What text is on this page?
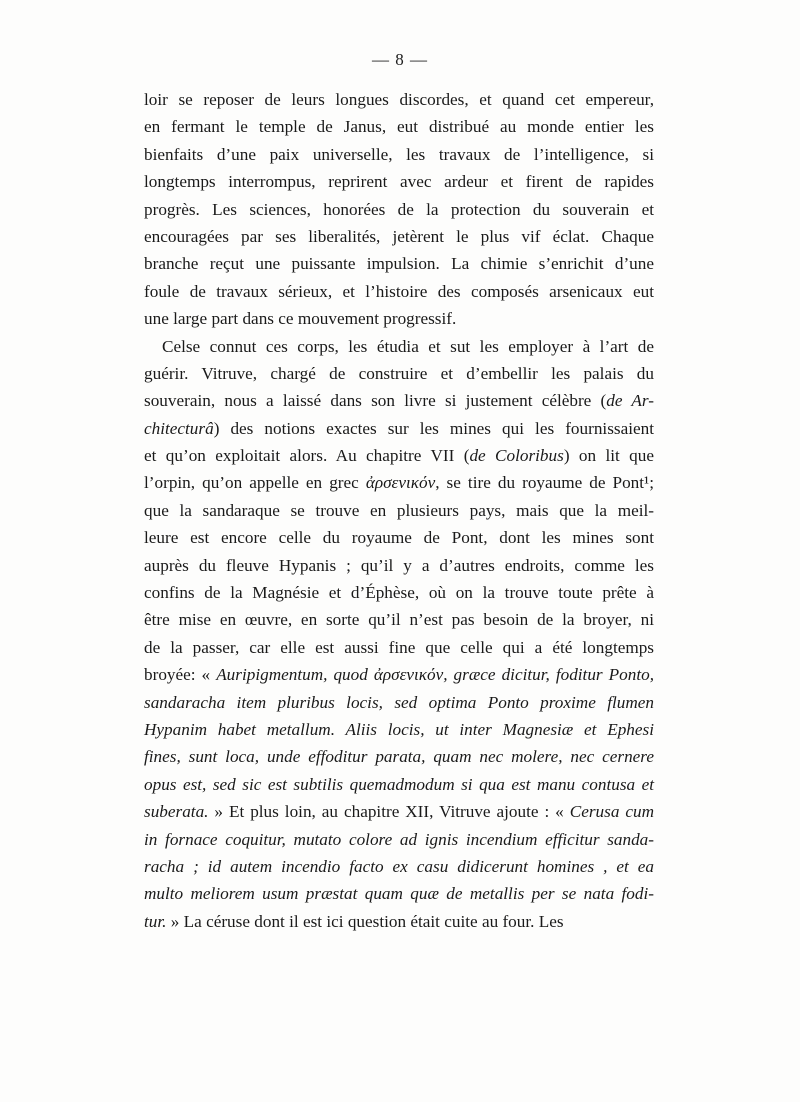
— 8 —
loir se reposer de leurs longues discordes, et quand cet empereur,
en fermant le temple de Janus, eut distribué au monde entier les
bienfaits d’une paix universelle, les travaux de l’intelligence, si
longtemps interrompus, reprirent avec ardeur et firent de rapides
progrès. Les sciences, honorées de la protection du souverain et
encouragées par ses liberalités, jetèrent le plus vif éclat. Chaque
branche reçut une puissante impulsion. La chimie s’enrichit d’une
foule de travaux sérieux, et l’histoire des composés arsenicaux eut
une large part dans ce mouvement progressif.
Celse connut ces corps, les étudia et sut les employer à l’art de
guérir. Vitruve, chargé de construire et d’embellir les palais du
souverain, nous a laissé dans son livre si justement célèbre (de Ar-
chitecturâ) des notions exactes sur les mines qui les fournissaient
et qu’on exploitait alors. Au chapitre VII (de Coloribus) on lit que
l’orpin, qu’on appelle en grec ἀρσενικόν, se tire du royaume de Pont¹;
que la sandaraque se trouve en plusieurs pays, mais que la meil-
leure est encore celle du royaume de Pont, dont les mines sont
auprès du fleuve Hypanis ; qu’il y a d’autres endroits, comme les
confins de la Magnésie et d’Éphèse, où on la trouve toute prête à
être mise en œuvre, en sorte qu’il n’est pas besoin de la broyer, ni
de la passer, car elle est aussi fine que celle qui a été longtemps
broyée: « Auripigmentum, quod ἀρσενικόν, græce dicitur, foditur Ponto,
sandaracha item pluribus locis, sed optima Ponto proxime flumen
Hypanim habet metallum. Aliis locis, ut inter Magnesiæ et Ephesi
fines, sunt loca, unde effoditur parata, quam nec molere, nec cernere
opus est, sed sic est subtilis quemadmodum si qua est manu contusa et
suberata. » Et plus loin, au chapitre XII, Vitruve ajoute : « Cerusa cum
in fornace coquitur, mutato colore ad ignis incendium efficitur sanda-
racha ; id autem incendio facto ex casu didicerunt homines , et ea
multo meliorem usum præstat quam quæ de metallis per se nata fodi-
tur. » La céruse dont il est ici question était cuite au four. Les
